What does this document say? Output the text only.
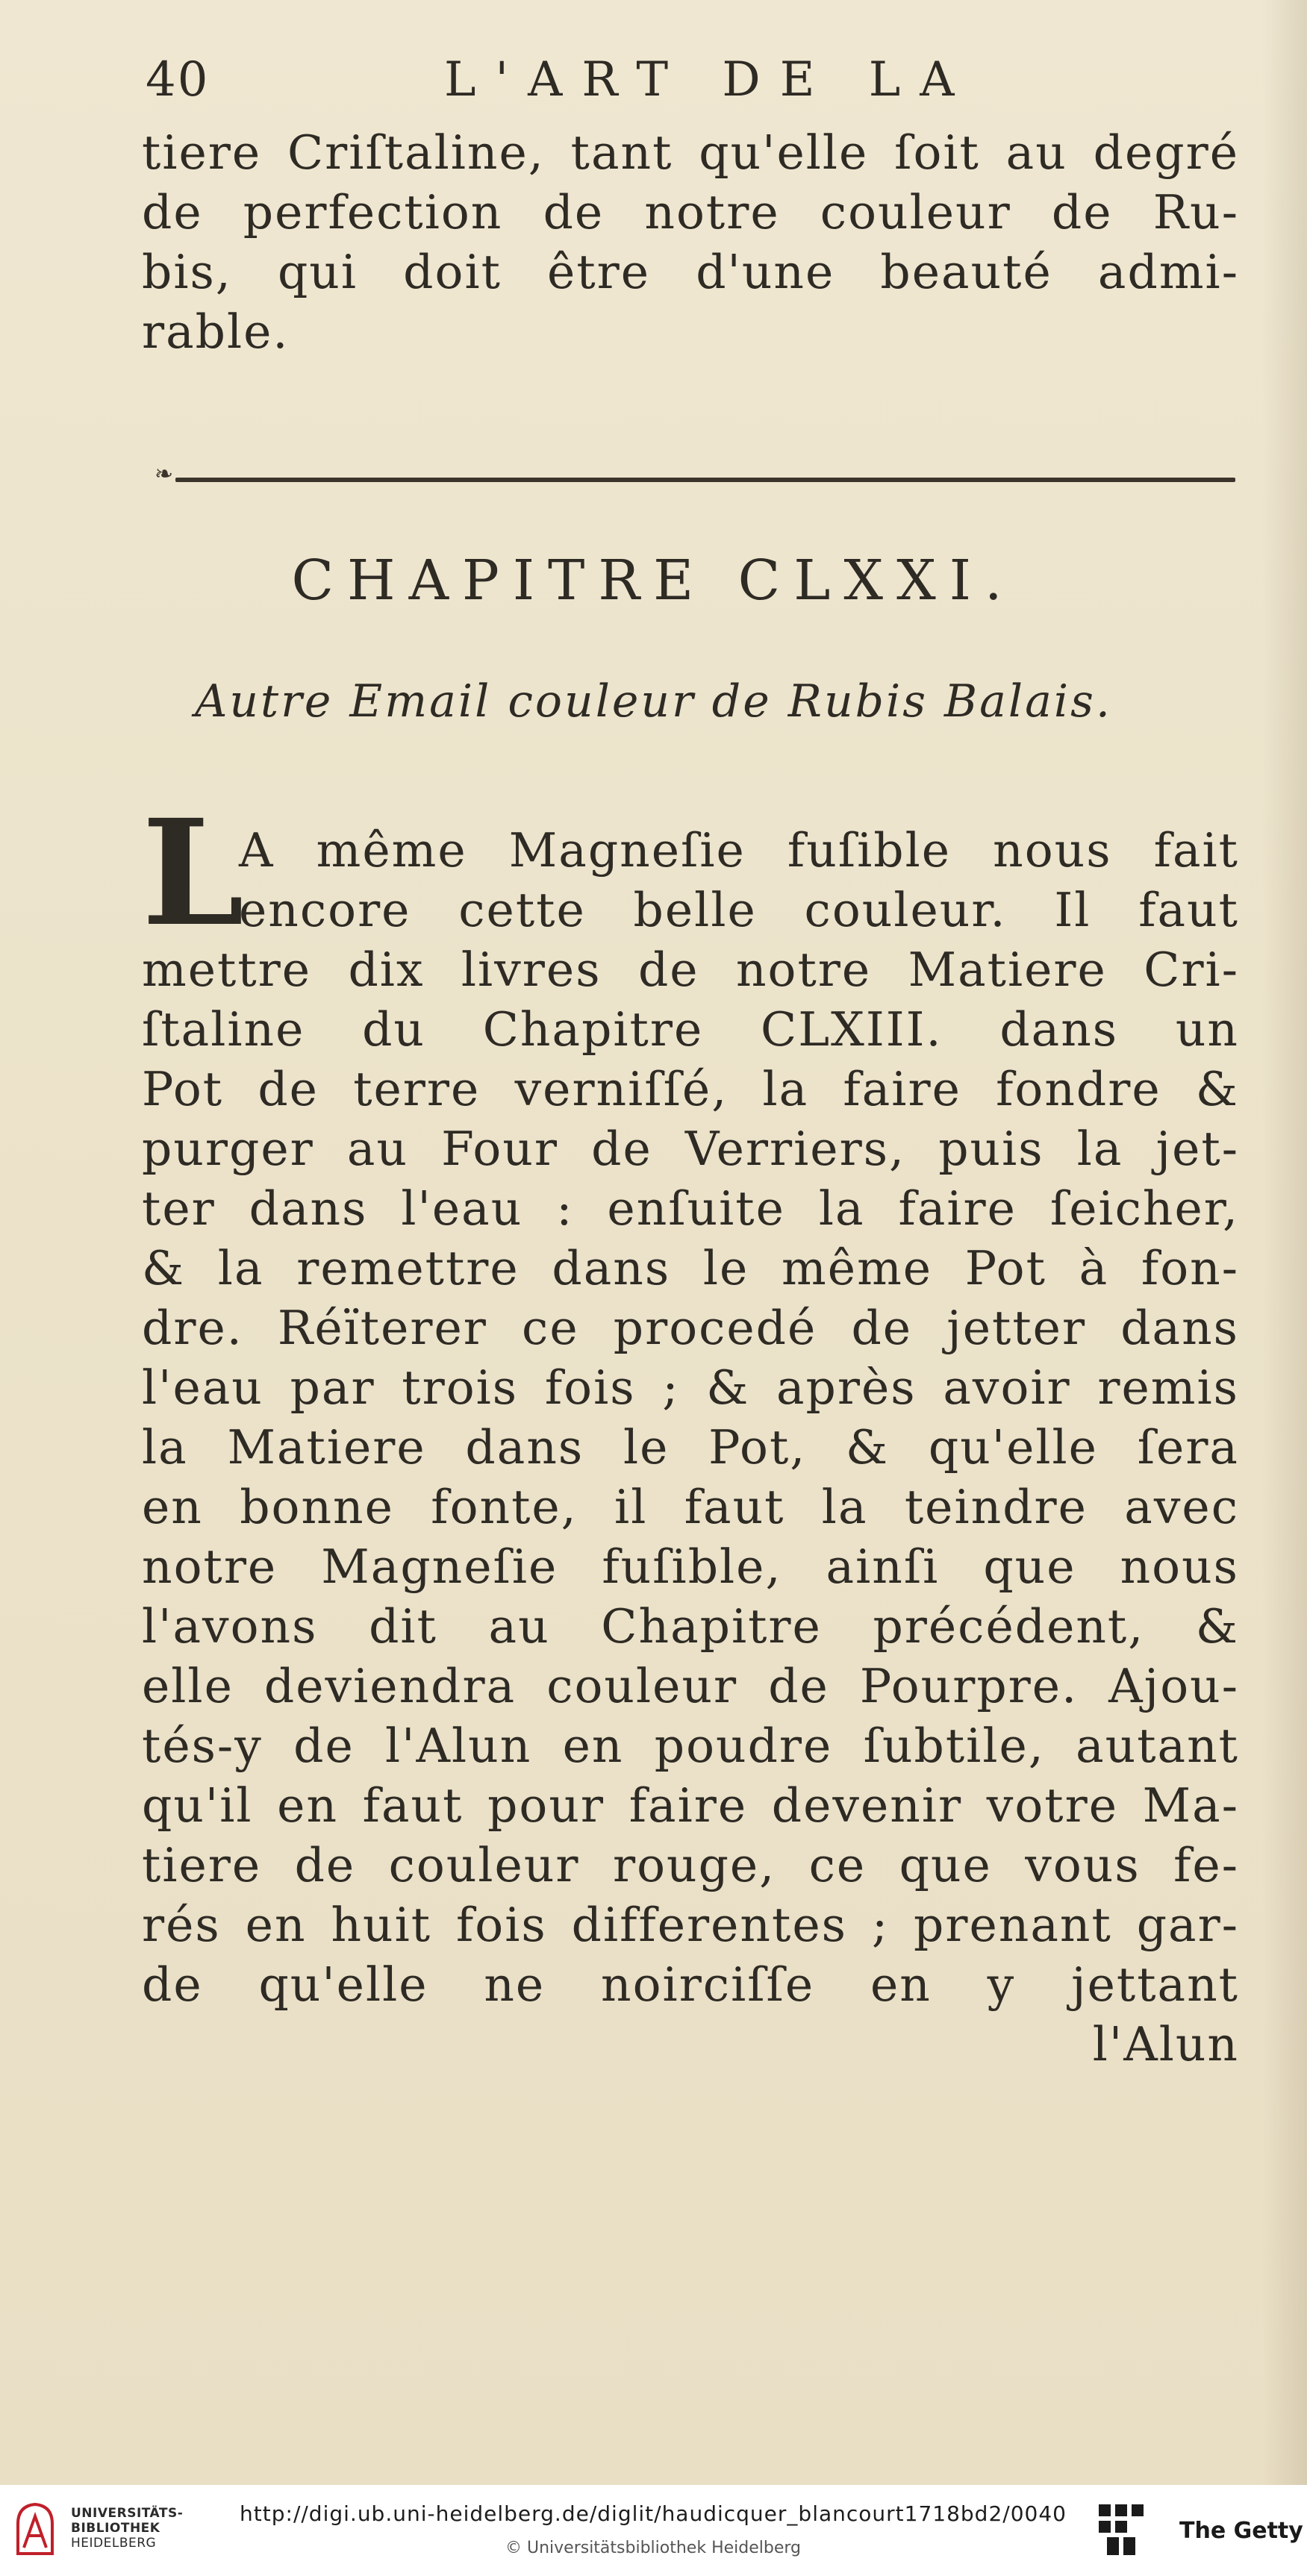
40	L'ART DE LA
tiere Criſtaline, tant qu'elle ſoit au degré
de perfection de notre couleur de Ru-
bis, qui doit être d'une beauté admi-
rable.
❧
CHAPITRE CLXXI.
Autre Email couleur de Rubis Balais.
L
A même Magneſie fuſible nous fait
encore cette belle couleur. Il faut
mettre dix livres de notre Matiere Cri-
ſtaline du Chapitre CLXIII. dans un
Pot de terre verniſſé, la faire fondre &
purger au Four de Verriers, puis la jet-
ter dans l'eau : enſuite la faire ſeicher,
& la remettre dans le même Pot à fon-
dre. Réïterer ce procedé de jetter dans
l'eau par trois fois ; & après avoir remis
la Matiere dans le Pot, & qu'elle ſera
en bonne fonte, il faut la teindre avec
notre Magneſie fuſible, ainſi que nous
l'avons dit au Chapitre précédent, &
elle deviendra couleur de Pourpre. Ajou-
tés-y de l'Alun en poudre ſubtile, autant
qu'il en faut pour faire devenir votre Ma-
tiere de couleur rouge, ce que vous fe-
rés en huit fois differentes ; prenant gar-
de qu'elle ne noirciſſe en y jettant
l'Alun
UNIVERSITÄTS-
BIBLIOTHEK
HEIDELBERG
http://digi.ub.uni-heidelberg.de/diglit/haudicquer_blancourt1718bd2/0040
© Universitätsbibliothek Heidelberg
The Getty
